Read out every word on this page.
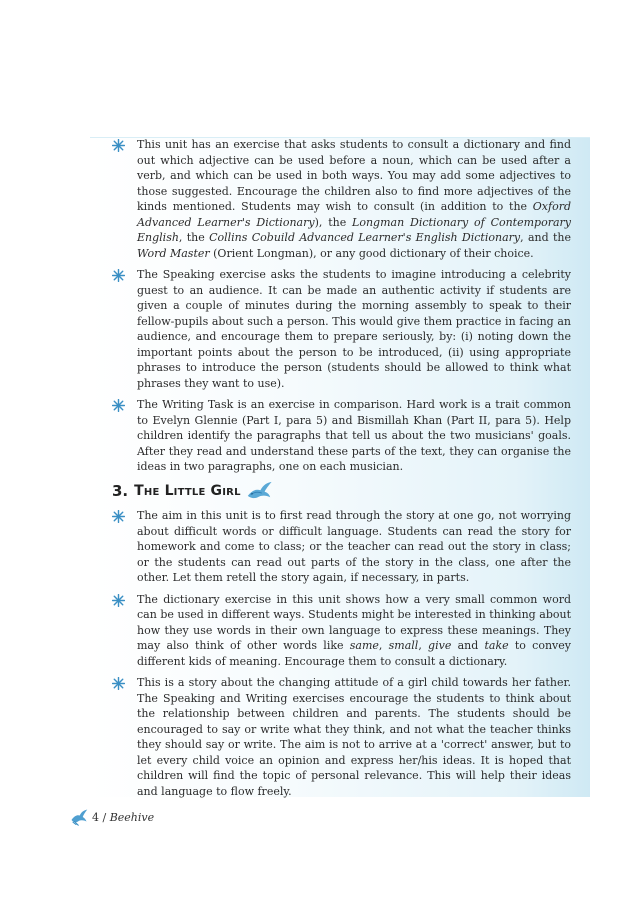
This unit has an exercise that asks students to consult a dictionary and find out which adjective can be used before a noun, which can be used after a verb, and which can be used in both ways. You may add some adjectives to those suggested. Encourage the children also to find more adjectives of the kinds mentioned. Students may wish to consult (in addition to the Oxford Advanced Learner's Dictionary), the Longman Dictionary of Contemporary English, the Collins Cobuild Advanced Learner's English Dictionary, and the Word Master (Orient Longman), or any good dictionary of their choice.
The Speaking exercise asks the students to imagine introducing a celebrity guest to an audience. It can be made an authentic activity if students are given a couple of minutes during the morning assembly to speak to their fellow-pupils about such a person. This would give them practice in facing an audience, and encourage them to prepare seriously, by: (i) noting down the important points about the person to be introduced, (ii) using appropriate phrases to introduce the person (students should be allowed to think what phrases they want to use).
The Writing Task is an exercise in comparison. Hard work is a trait common to Evelyn Glennie (Part I, para 5) and Bismillah Khan (Part II, para 5). Help children identify the paragraphs that tell us about the two musicians' goals. After they read and understand these parts of the text, they can organise the ideas in two paragraphs, one on each musician.
3. The Little Girl
The aim in this unit is to first read through the story at one go, not worrying about difficult words or difficult language. Students can read the story for homework and come to class; or the teacher can read out the story in class; or the students can read out parts of the story in the class, one after the other. Let them retell the story again, if necessary, in parts.
The dictionary exercise in this unit shows how a very small common word can be used in different ways. Students might be interested in thinking about how they use words in their own language to express these meanings. They may also think of other words like same, small, give and take to convey different kids of meaning. Encourage them to consult a dictionary.
This is a story about the changing attitude of a girl child towards her father. The Speaking and Writing exercises encourage the students to think about the relationship between children and parents. The students should be encouraged to say or write what they think, and not what the teacher thinks they should say or write. The aim is not to arrive at a 'correct' answer, but to let every child voice an opinion and express her/his ideas. It is hoped that children will find the topic of personal relevance. This will help their ideas and language to flow freely.
4 / Beehive
